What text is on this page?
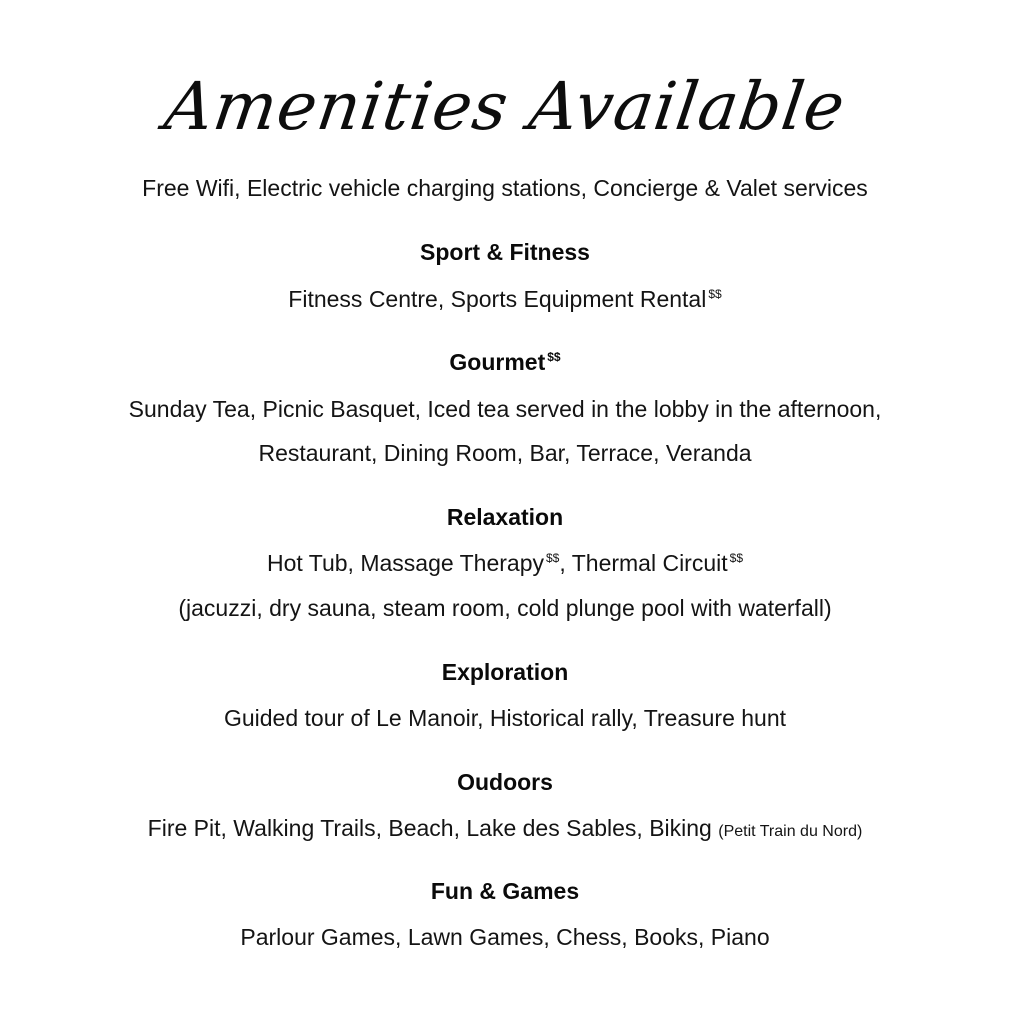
Amenities Available
Free Wifi, Electric vehicle charging stations, Concierge & Valet services
Sport & Fitness
Fitness Centre, Sports Equipment Rental $$
Gourmet $$
Sunday Tea, Picnic Basquet, Iced tea served in the lobby in the afternoon,
Restaurant, Dining Room, Bar, Terrace, Veranda
Relaxation
Hot Tub, Massage Therapy $$, Thermal Circuit $$
(jacuzzi, dry sauna, steam room, cold plunge pool with waterfall)
Exploration
Guided tour of Le Manoir, Historical rally, Treasure hunt
Oudoors
Fire Pit, Walking Trails, Beach, Lake des Sables, Biking (Petit Train du Nord)
Fun & Games
Parlour Games, Lawn Games, Chess, Books, Piano
